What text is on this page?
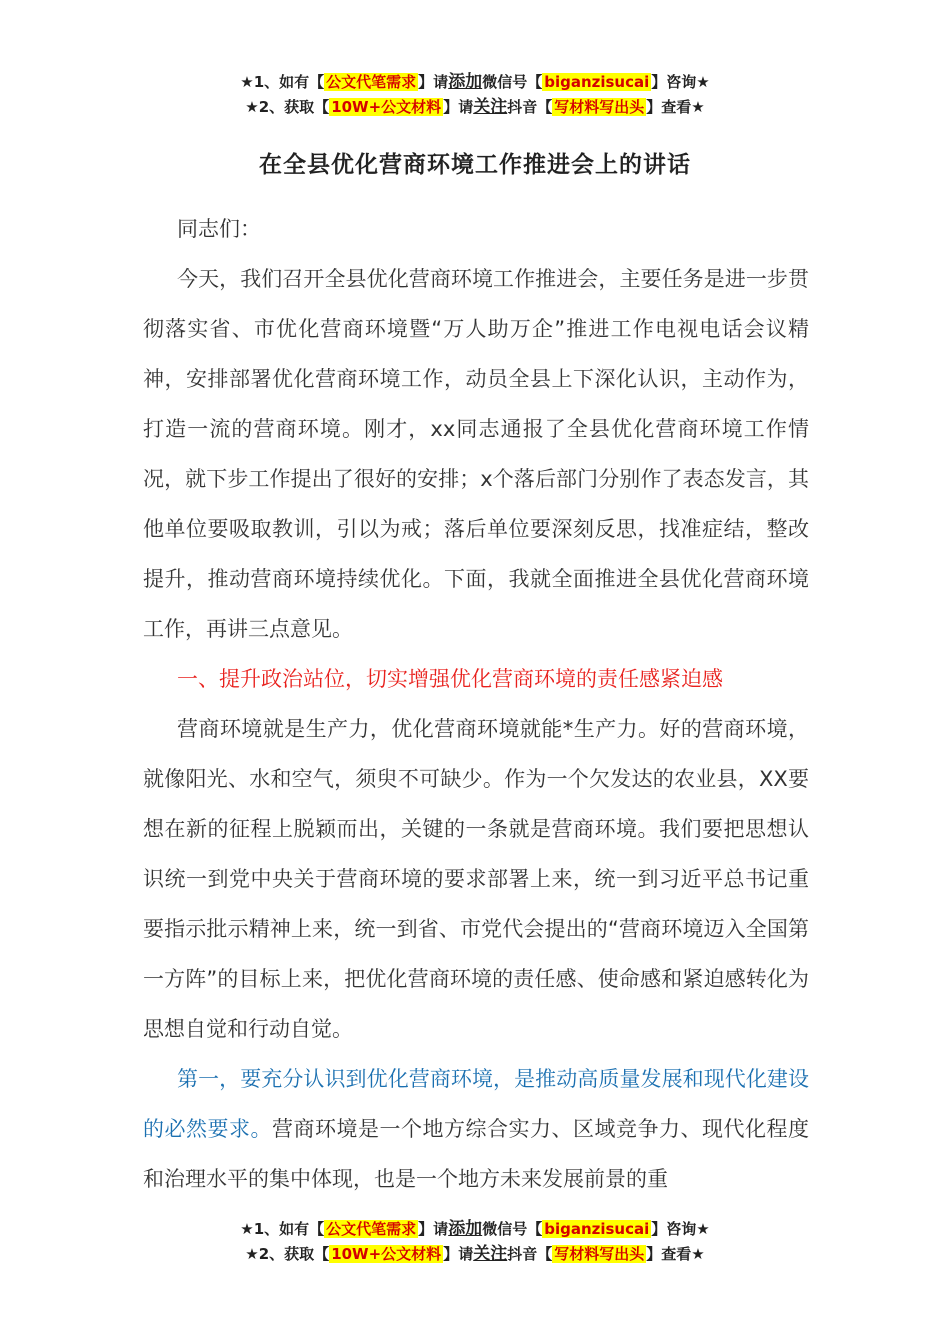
★1、如有【 公文代笔需求 】请添加微信号【 biganzisucai 】咨询★
★2、获取【 10W+公文材料 】请关注抖音【 写材料写出头 】查看★
在全县优化营商环境工作推进会上的讲话

同志们：

今天，我们召开全县优化营商环境工作推进会，主要任务是进一步贯彻落实省、市优化营商环境暨“万人助万企”推进工作电视电话会议精神，安排部署优化营商环境工作，动员全县上下深化认识，主动作为，打造一流的营商环境。刚才，xx同志通报了全县优化营商环境工作情况，就下步工作提出了很好的安排；x个落后部门分别作了表态发言，其他单位要吸取教训，引以为戒；落后单位要深刻反思，找准症结，整改提升，推动营商环境持续优化。下面，我就全面推进全县优化营商环境工作，再讲三点意见。

一、提升政治站位，切实增强优化营商环境的责任感紧迫感

营商环境就是生产力，优化营商环境就能*生产力。好的营商环境，就像阳光、水和空气，须臾不可缺少。作为一个欠发达的农业县，XX要想在新的征程上脱颖而出，关键的一条就是营商环境。我们要把思想认识统一到党中央关于营商环境的要求部署上来，统一到习近平总书记重要指示批示精神上来，统一到省、市党代会提出的“营商环境迈入全国第一方阵”的目标上来，把优化营商环境的责任感、使命感和紧迫感转化为思想自觉和行动自觉。

第一，要充分认识到优化营商环境，是推动高质量发展和现代化建设的必然要求。营商环境是一个地方综合实力、区域竞争力、现代化程度和治理水平的集中体现，也是一个地方未来发展前景的重

★1、如有【 公文代笔需求 】请添加微信号【 biganzisucai 】咨询★
★2、获取【 10W+公文材料 】请关注抖音【 写材料写出头 】查看★
